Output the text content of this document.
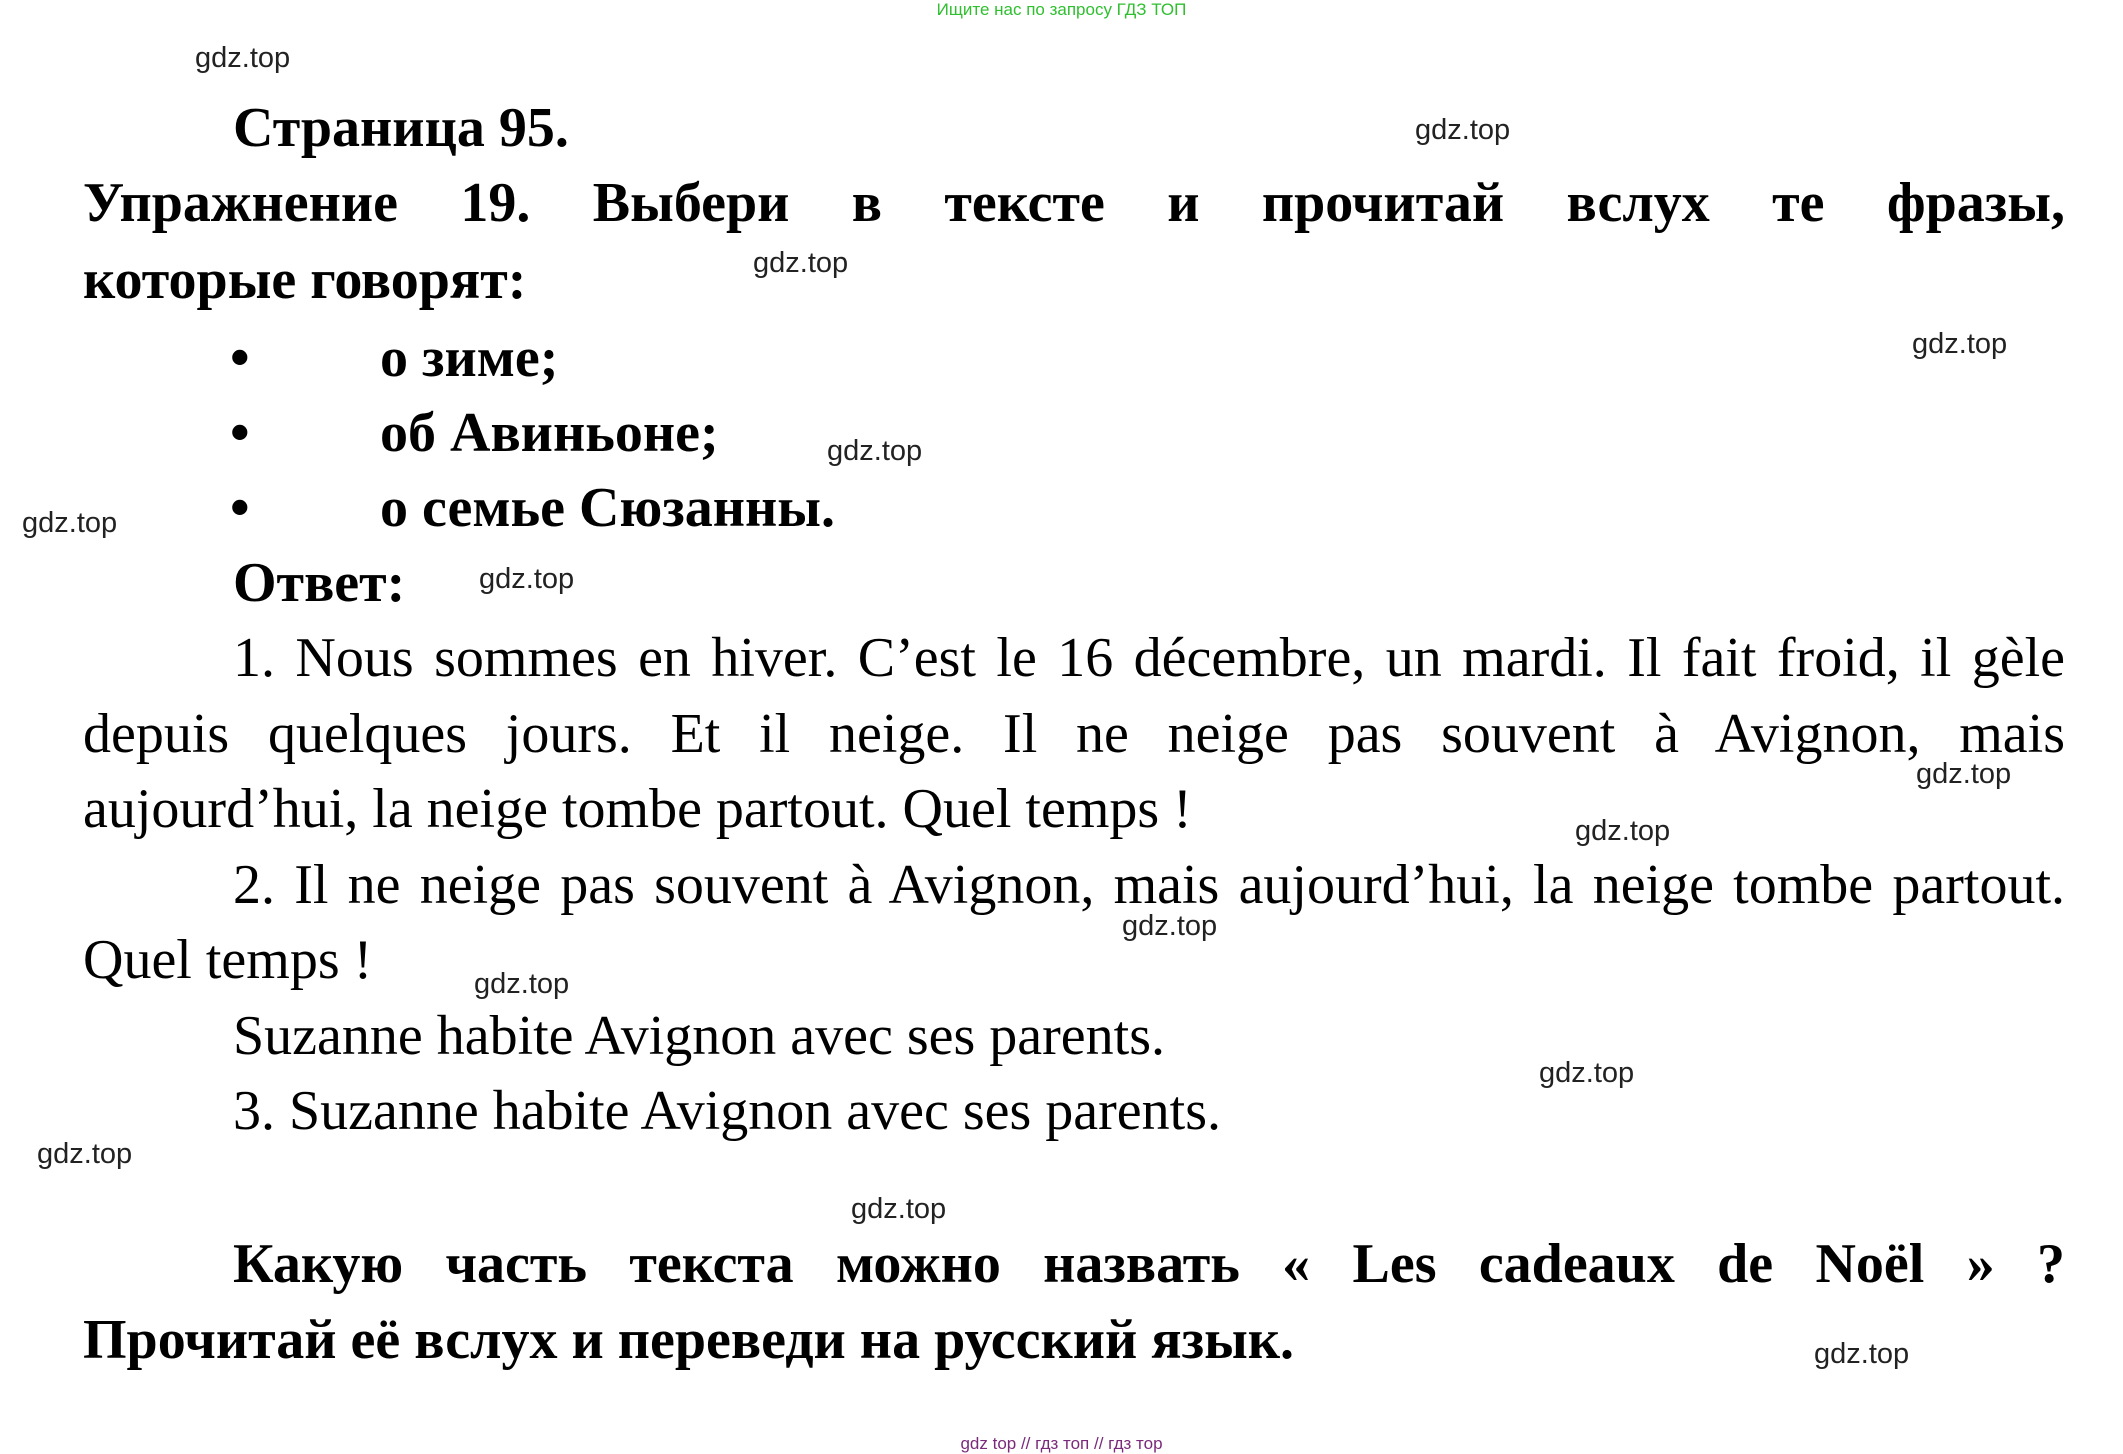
Ищите нас по запросу ГДЗ ТОП
Страница 95.
Упражнение 19. Выбери в тексте и прочитай вслух те фразы,
которые говорят:
• о зиме;
• об Авиньоне;
• о семье Сюзанны.
Ответ:
1. Nous sommes en hiver. C’est le 16 décembre, un mardi. Il fait froid, il gèle
depuis quelques jours. Et il neige. Il ne neige pas souvent à Avignon, mais
aujourd’hui, la neige tombe partout. Quel temps !
2. Il ne neige pas souvent à Avignon, mais aujourd’hui, la neige tombe partout.
Quel temps !
Suzanne habite Avignon avec ses parents.
3. Suzanne habite Avignon avec ses parents.
Какую часть текста можно назвать « Les cadeaux de Noël » ?
Прочитай её вслух и переведи на русский язык.
gdz.top
gdz.top
gdz.top
gdz.top
gdz.top
gdz.top
gdz.top
gdz.top
gdz.top
gdz.top
gdz.top
gdz.top
gdz.top
gdz.top
gdz.top
gdz top // гдз топ // гдз тор
